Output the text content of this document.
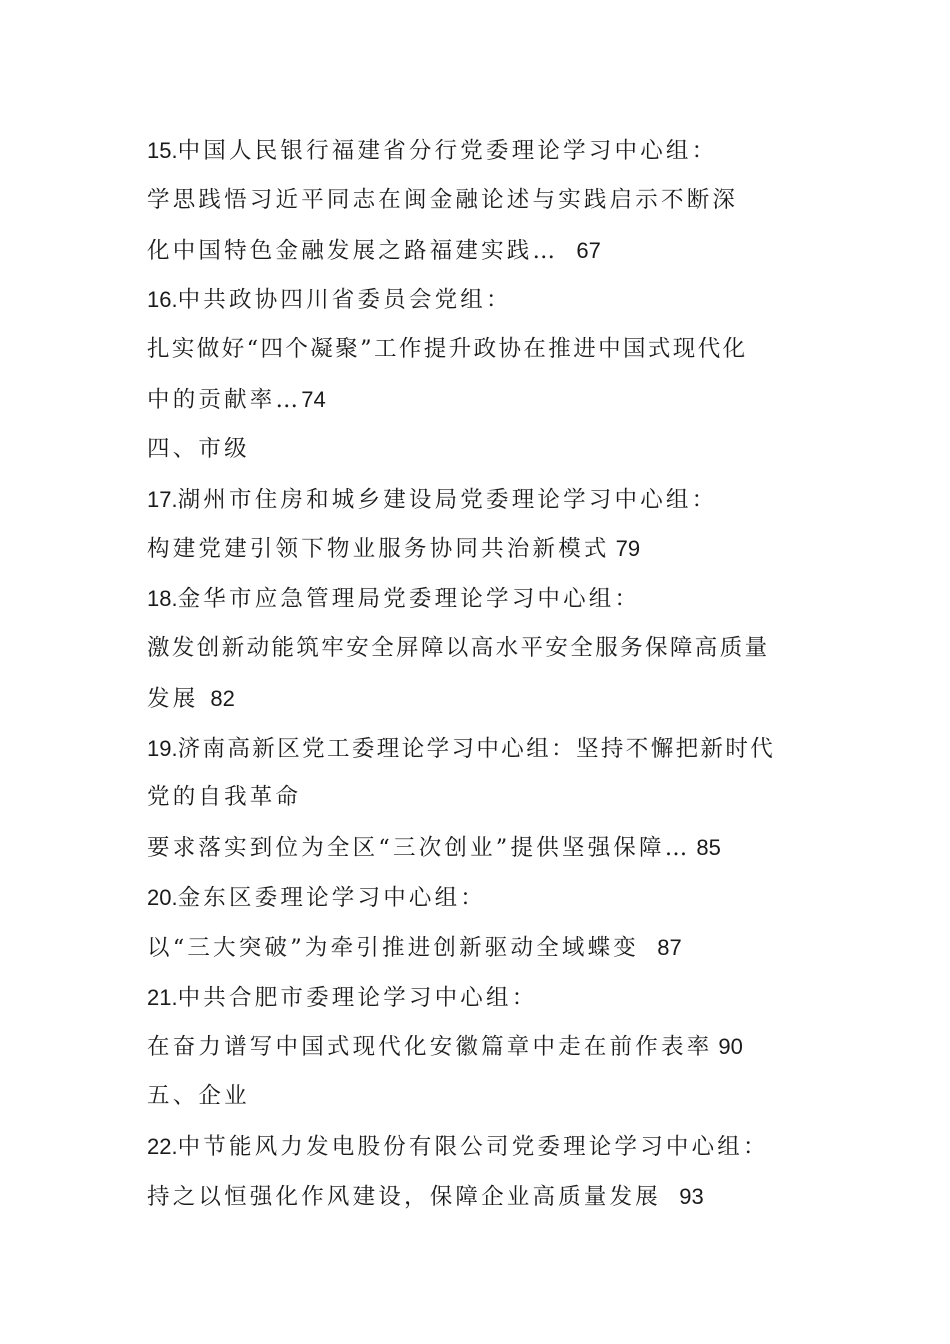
15.中国人民银行福建省分行党委理论学习中心组：
学思践悟习近平同志在闽金融论述与实践启示不断深
化中国特色金融发展之路福建实践…  67
16.中共政协四川省委员会党组：
扎实做好“四个凝聚”工作提升政协在推进中国式现代化
中的贡献率…74
四、市级
17.湖州市住房和城乡建设局党委理论学习中心组：
构建党建引领下物业服务协同共治新模式 79
18.金华市应急管理局党委理论学习中心组：
激发创新动能筑牢安全屏障以高水平安全服务保障高质量
发展 82
19.济南高新区党工委理论学习中心组：坚持不懈把新时代
党的自我革命
要求落实到位为全区“三次创业”提供坚强保障… 85
20.金东区委理论学习中心组：
以“三大突破”为牵引推进创新驱动全域蝶变  87
21.中共合肥市委理论学习中心组：
在奋力谱写中国式现代化安徽篇章中走在前作表率 90
五、企业
22.中节能风力发电股份有限公司党委理论学习中心组：
持之以恒强化作风建设，保障企业高质量发展  93
